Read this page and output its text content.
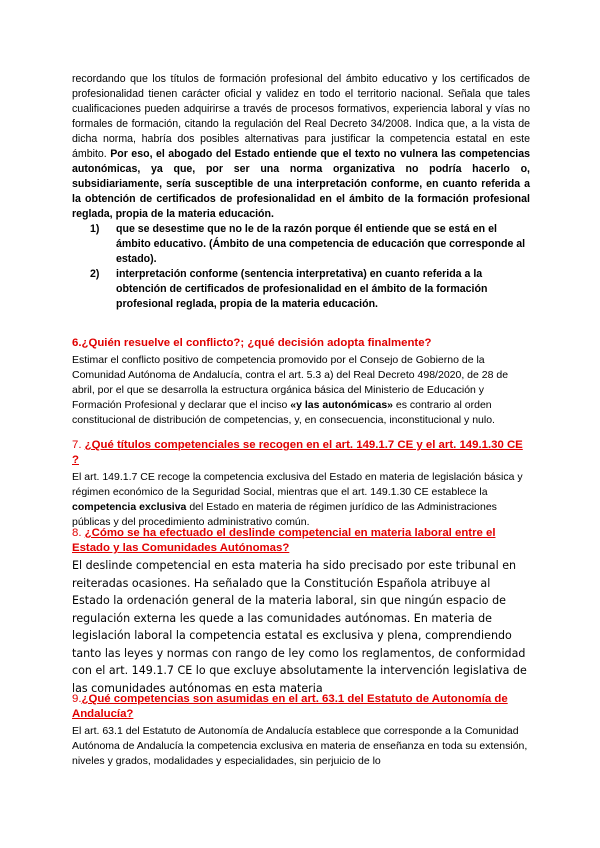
recordando que los títulos de formación profesional del ámbito educativo y los certificados de profesionalidad tienen carácter oficial y validez en todo el territorio nacional. Señala que tales cualificaciones pueden adquirirse a través de procesos formativos, experiencia laboral y vías no formales de formación, citando la regulación del Real Decreto 34/2008. Indica que, a la vista de dicha norma, habría dos posibles alternativas para justificar la competencia estatal en este ámbito. Por eso, el abogado del Estado entiende que el texto no vulnera las competencias autonómicas, ya que, por ser una norma organizativa no podría hacerlo o, subsidiariamente, sería susceptible de una interpretación conforme, en cuanto referida a la obtención de certificados de profesionalidad en el ámbito de la formación profesional reglada, propia de la materia educación.

1) que se desestime que no le de la razón porque él entiende que se está en el ámbito educativo. (Ámbito de una competencia de educación que corresponde al estado).
2) interpretación conforme (sentencia interpretativa) en cuanto referida a la obtención de certificados de profesionalidad en el ámbito de la formación profesional reglada, propia de la materia educación.

6.¿Quién resuelve el conflicto?; ¿qué decisión adopta finalmente?

Estimar el conflicto positivo de competencia promovido por el Consejo de Gobierno de la Comunidad Autónoma de Andalucía, contra el art. 5.3 a) del Real Decreto 498/2020, de 28 de abril, por el que se desarrolla la estructura orgánica básica del Ministerio de Educación y Formación Profesional y declarar que el inciso «y las autonómicas» es contrario al orden constitucional de distribución de competencias, y, en consecuencia, inconstitucional y nulo.

7. ¿Qué títulos competenciales se recogen en el art. 149.1.7 CE y el art. 149.1.30 CE ?

El art. 149.1.7 CE recoge la competencia exclusiva del Estado en materia de legislación básica y régimen económico de la Seguridad Social, mientras que el art. 149.1.30 CE establece la competencia exclusiva del Estado en materia de régimen jurídico de las Administraciones públicas y del procedimiento administrativo común.

8. ¿Cómo se ha efectuado el deslinde competencial en materia laboral entre el Estado y las Comunidades Autónomas?

El deslinde competencial en esta materia ha sido precisado por este tribunal en reiteradas ocasiones. Ha señalado que la Constitución Española atribuye al Estado la ordenación general de la materia laboral, sin que ningún espacio de regulación externa les quede a las comunidades autónomas. En materia de legislación laboral la competencia estatal es exclusiva y plena, comprendiendo tanto las leyes y normas con rango de ley como los reglamentos, de conformidad con el art. 149.1.7 CE lo que excluye absolutamente la intervención legislativa de las comunidades autónomas en esta materia

9.¿Qué competencias son asumidas en el art. 63.1 del Estatuto de Autonomía de Andalucía?

El art. 63.1 del Estatuto de Autonomía de Andalucía establece que corresponde a la Comunidad Autónoma de Andalucía la competencia exclusiva en materia de enseñanza en toda su extensión, niveles y grados, modalidades y especialidades, sin perjuicio de lo
